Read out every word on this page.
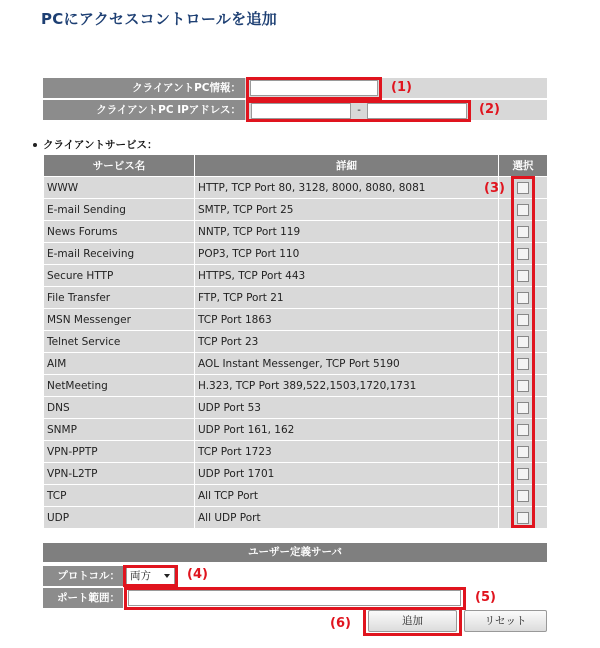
PCにアクセスコントロールを追加
クライアントPC情報：	(1)
クライアントPC IPアドレス：	-	(2)
クライアントサービス：
サービス名	詳細	選択
WWW	HTTP, TCP Port 80, 3128, 8000, 8080, 8081	
E-mail Sending	SMTP, TCP Port 25	
News Forums	NNTP, TCP Port 119	
E-mail Receiving	POP3, TCP Port 110	
Secure HTTP	HTTPS, TCP Port 443	
File Transfer	FTP, TCP Port 21	
MSN Messenger	TCP Port 1863	
Telnet Service	TCP Port 23	
AIM	AOL Instant Messenger, TCP Port 5190	
NetMeeting	H.323, TCP Port 389,522,1503,1720,1731	
DNS	UDP Port 53	
SNMP	UDP Port 161, 162	
VPN-PPTP	TCP Port 1723	
VPN-L2TP	UDP Port 1701	
TCP	All TCP Port	
UDP	All UDP Port	
(3)
ユーザー定義サーバ
プロトコル： 両方	(4)
ポート範囲：	(5)
追加
(6)	リセット
